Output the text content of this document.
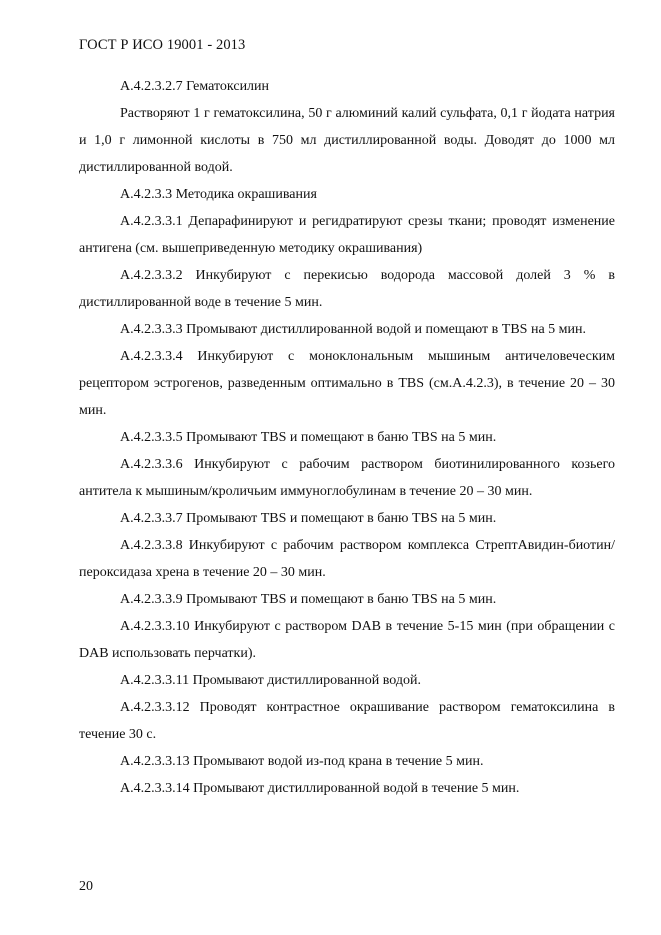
ГОСТ Р ИСО 19001 - 2013

А.4.2.3.2.7 Гематоксилин

Растворяют 1 г гематоксилина, 50 г алюминий калий сульфата, 0,1 г йодата натрия и 1,0 г лимонной кислоты в 750 мл дистиллированной воды. Доводят до 1000 мл дистиллированной водой.

А.4.2.3.3 Методика окрашивания

А.4.2.3.3.1 Депарафинируют и регидратируют срезы ткани; проводят изменение антигена (см. вышеприведенную методику окрашивания)

А.4.2.3.3.2 Инкубируют с перекисью водорода массовой долей 3 % в дистиллированной воде в течение 5 мин.

А.4.2.3.3.3 Промывают дистиллированной водой и помещают в TBS на 5 мин.

А.4.2.3.3.4 Инкубируют с моноклональным мышиным античеловеческим рецептором эстрогенов, разведенным оптимально в TBS (см.А.4.2.3), в течение 20 – 30 мин.

А.4.2.3.3.5 Промывают TBS и помещают в баню TBS на 5 мин.

А.4.2.3.3.6 Инкубируют с рабочим раствором биотинилированного козьего антитела к мышиным/кроличьим иммуноглобулинам в течение 20 – 30 мин.

А.4.2.3.3.7 Промывают TBS и помещают в баню TBS на 5 мин.

А.4.2.3.3.8 Инкубируют с рабочим раствором комплекса СтрептАвидин-биотин/пероксидаза хрена в течение 20 – 30 мин.

А.4.2.3.3.9 Промывают TBS и помещают в баню TBS на 5 мин.

А.4.2.3.3.10 Инкубируют с раствором DAB в течение 5-15 мин (при обращении с DAB использовать перчатки).

А.4.2.3.3.11 Промывают дистиллированной водой.

А.4.2.3.3.12 Проводят контрастное окрашивание раствором гематоксилина в течение 30 с.

А.4.2.3.3.13 Промывают водой из-под крана в течение 5 мин.

А.4.2.3.3.14 Промывают дистиллированной водой в течение 5 мин.

20
